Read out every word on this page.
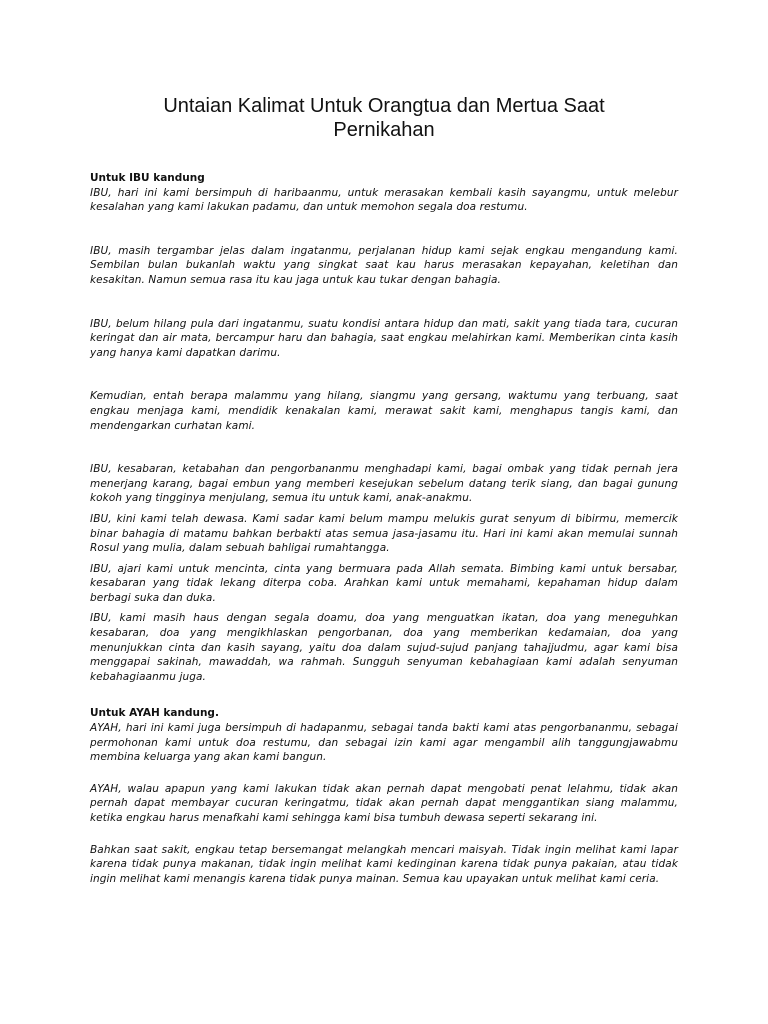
Untaian Kalimat Untuk Orangtua dan Mertua Saat Pernikahan

Untuk IBU kandung

IBU, hari ini kami bersimpuh di haribaanmu, untuk merasakan kembali kasih sayangmu, untuk melebur kesalahan yang kami lakukan padamu, dan untuk memohon segala doa restumu.

IBU, masih tergambar jelas dalam ingatanmu, perjalanan hidup kami sejak engkau mengandung kami. Sembilan bulan bukanlah waktu yang singkat saat kau harus merasakan kepayahan, keletihan dan kesakitan. Namun semua rasa itu kau jaga untuk kau tukar dengan bahagia.

IBU, belum hilang pula dari ingatanmu, suatu kondisi antara hidup dan mati, sakit yang tiada tara, cucuran keringat dan air mata, bercampur haru dan bahagia, saat engkau melahirkan kami. Memberikan cinta kasih yang hanya kami dapatkan darimu.

Kemudian, entah berapa malammu yang hilang, siangmu yang gersang, waktumu yang terbuang, saat engkau menjaga kami, mendidik kenakalan kami, merawat sakit kami, menghapus tangis kami, dan mendengarkan curhatan kami.

IBU, kesabaran, ketabahan dan pengorbananmu menghadapi kami, bagai ombak yang tidak pernah jera menerjang karang, bagai embun yang memberi kesejukan sebelum datang terik siang, dan bagai gunung kokoh yang tingginya menjulang, semua itu untuk kami, anak-anakmu.

IBU, kini kami telah dewasa. Kami sadar kami belum mampu melukis gurat senyum di bibirmu, memercik binar bahagia di matamu bahkan berbakti atas semua jasa-jasamu itu. Hari ini kami akan memulai sunnah Rosul yang mulia, dalam sebuah bahligai rumahtangga.

IBU, ajari kami untuk mencinta, cinta yang bermuara pada Allah semata. Bimbing kami untuk bersabar, kesabaran yang tidak lekang diterpa coba. Arahkan kami untuk memahami, kepahaman hidup dalam berbagi suka dan duka.

IBU, kami masih haus dengan segala doamu, doa yang menguatkan ikatan, doa yang meneguhkan kesabaran, doa yang mengikhlaskan pengorbanan, doa yang memberikan kedamaian, doa yang menunjukkan cinta dan kasih sayang, yaitu doa dalam sujud-sujud panjang tahajjudmu, agar kami bisa menggapai sakinah, mawaddah, wa rahmah. Sungguh senyuman kebahagiaan kami adalah senyuman kebahagiaanmu juga.

Untuk AYAH kandung.

AYAH, hari ini kami juga bersimpuh di hadapanmu, sebagai tanda bakti kami atas pengorbananmu, sebagai permohonan kami untuk doa restumu, dan sebagai izin kami agar mengambil alih tanggungjawabmu membina keluarga yang akan kami bangun.

AYAH, walau apapun yang kami lakukan tidak akan pernah dapat mengobati penat lelahmu, tidak akan pernah dapat membayar cucuran keringatmu, tidak akan pernah dapat menggantikan siang malammu, ketika engkau harus menafkahi kami sehingga kami bisa tumbuh dewasa seperti sekarang ini.

Bahkan saat sakit, engkau tetap bersemangat melangkah mencari maisyah. Tidak ingin melihat kami lapar karena tidak punya makanan, tidak ingin melihat kami kedinginan karena tidak punya pakaian, atau tidak ingin melihat kami menangis karena tidak punya mainan. Semua kau upayakan untuk melihat kami ceria.
